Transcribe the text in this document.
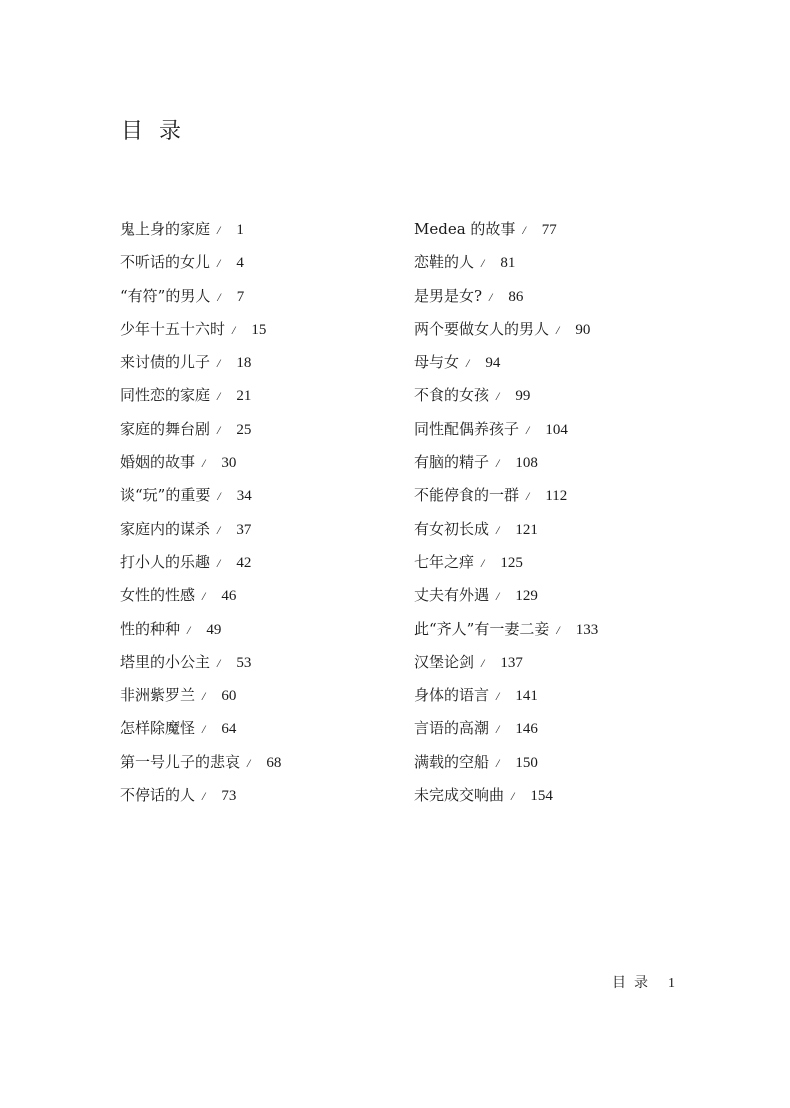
目录
鬼上身的家庭 / 1
不听话的女儿 / 4
“有符”的男人 / 7
少年十五十六时 / 15
来讨债的儿子 / 18
同性恋的家庭 / 21
家庭的舞台剧 / 25
婚姻的故事 / 30
谈“玩”的重要 / 34
家庭内的谋杀 / 37
打小人的乐趣 / 42
女性的性感 / 46
性的种种 / 49
塔里的小公主 / 53
非洲紫罗兰 / 60
怎样除魔怪 / 64
第一号儿子的悲哀 / 68
不停话的人 / 73
Medea 的故事 / 77
恋鞋的人 / 81
是男是女? / 86
两个要做女人的男人 / 90
母与女 / 94
不食的女孩 / 99
同性配偶养孩子 / 104
有脑的精子 / 108
不能停食的一群 / 112
有女初长成 / 121
七年之痒 / 125
丈夫有外遇 / 129
此“齐人”有一妻二妾 / 133
汉堡论剑 / 137
身体的语言 / 141
言语的高潮 / 146
满载的空船 / 150
未完成交响曲 / 154
目录 1
